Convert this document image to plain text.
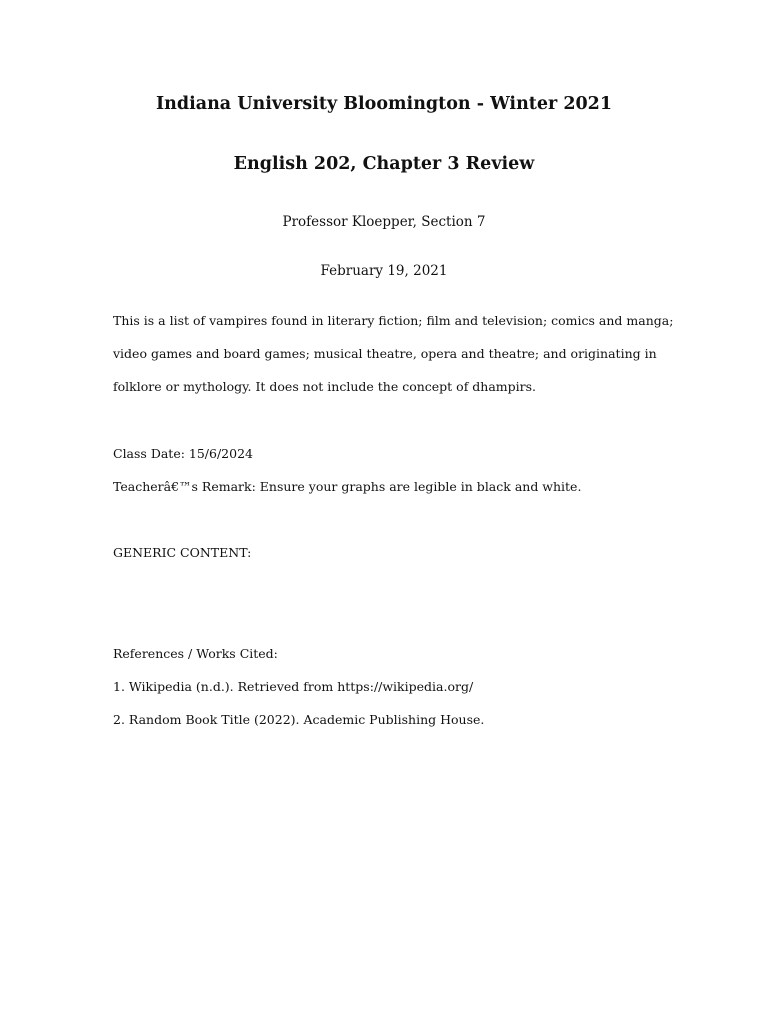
Indiana University Bloomington - Winter 2021
English 202, Chapter 3 Review

Professor Kloepper, Section 7

February 19, 2021

This is a list of vampires found in literary fiction; film and television; comics and manga;

video games and board games; musical theatre, opera and theatre; and originating in

folklore or mythology. It does not include the concept of dhampirs.

Class Date: 15/6/2024

Teacherâ€™s Remark: Ensure your graphs are legible in black and white.

GENERIC CONTENT:

References / Works Cited:

1. Wikipedia (n.d.). Retrieved from https://wikipedia.org/

2. Random Book Title (2022). Academic Publishing House.
